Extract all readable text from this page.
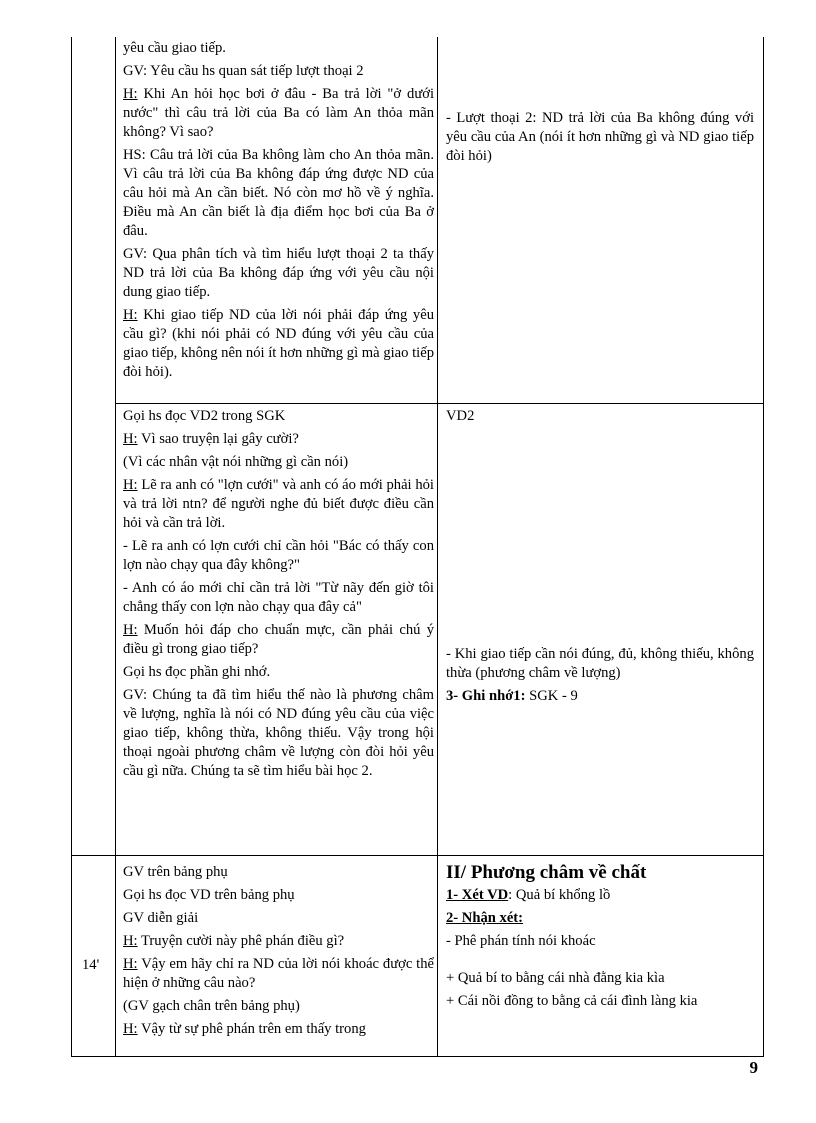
yêu cầu giao tiếp.

GV: Yêu cầu hs quan sát tiếp lượt thoại 2

H: Khi An hỏi học bơi ở đâu - Ba trả lời "ở dưới nước" thì câu trả lời của Ba có làm An thỏa mãn không? Vì sao?

HS: Câu trả lời của Ba không làm cho An thỏa mãn. Vì câu trả lời của Ba không đáp ứng được ND của câu hỏi mà An cần biết. Nó còn mơ hồ về ý nghĩa. Điều mà An cần biết là địa điểm học bơi của Ba ở đâu.

GV: Qua phân tích và tìm hiểu lượt thoại 2 ta thấy ND trả lời của Ba không đáp ứng với yêu cầu nội dung giao tiếp.

H: Khi giao tiếp ND của lời nói phải đáp ứng yêu cầu gì? (khi nói phải có ND đúng với yêu cầu của giao tiếp, không nên nói ít hơn những gì mà giao tiếp đòi hỏi).

- Lượt thoại 2: ND trả lời của Ba không đúng với yêu cầu của An (nói ít hơn những gì và ND giao tiếp đòi hỏi)

Gọi hs đọc VD2 trong SGK

H: Vì sao truyện lại gây cười?

(Vì các nhân vật nói những gì cần nói)

H: Lẽ ra anh có "lợn cưới" và anh có áo mới phải hỏi và trả lời ntn? để người nghe đủ biết được điều cần hỏi và cần trả lời.

- Lẽ ra anh có lợn cưới chỉ cần hỏi "Bác có thấy con lợn nào chạy qua đây không?"

- Anh có áo mới chỉ cần trả lời "Từ nãy đến giờ tôi chẳng thấy con lợn nào chạy qua đây cả"

H: Muốn hỏi đáp cho chuẩn mực, cần phải chú ý điều gì trong giao tiếp?

Gọi hs đọc phần ghi nhớ.

GV: Chúng ta đã tìm hiểu thế nào là phương châm về lượng, nghĩa là nói có ND đúng yêu cầu của việc giao tiếp, không thừa, không thiếu. Vậy trong hội thoại ngoài phương châm về lượng còn đòi hỏi yêu cầu gì nữa. Chúng ta sẽ tìm hiểu bài học 2.

VD2

- Khi giao tiếp cần nói đúng, đủ, không thiếu, không thừa (phương châm về lượng)

3- Ghi nhớ1: SGK - 9

14'

GV trên bảng phụ

Gọi hs đọc VD trên bảng phụ

GV diễn giải

H: Truyện cười này phê phán điều gì?

H: Vậy em hãy chỉ ra ND của lời nói khoác được thể hiện ở những câu nào?

(GV gạch chân trên bảng phụ)

H: Vậy từ sự phê phán trên em thấy trong

II/ Phương châm về chất

1- Xét VD: Quả bí khổng lồ

2- Nhận xét:

- Phê phán tính nói khoác

+ Quả bí to bằng cái nhà đằng kia kìa

+ Cái nồi đồng to bằng cả cái đình làng kia

9
